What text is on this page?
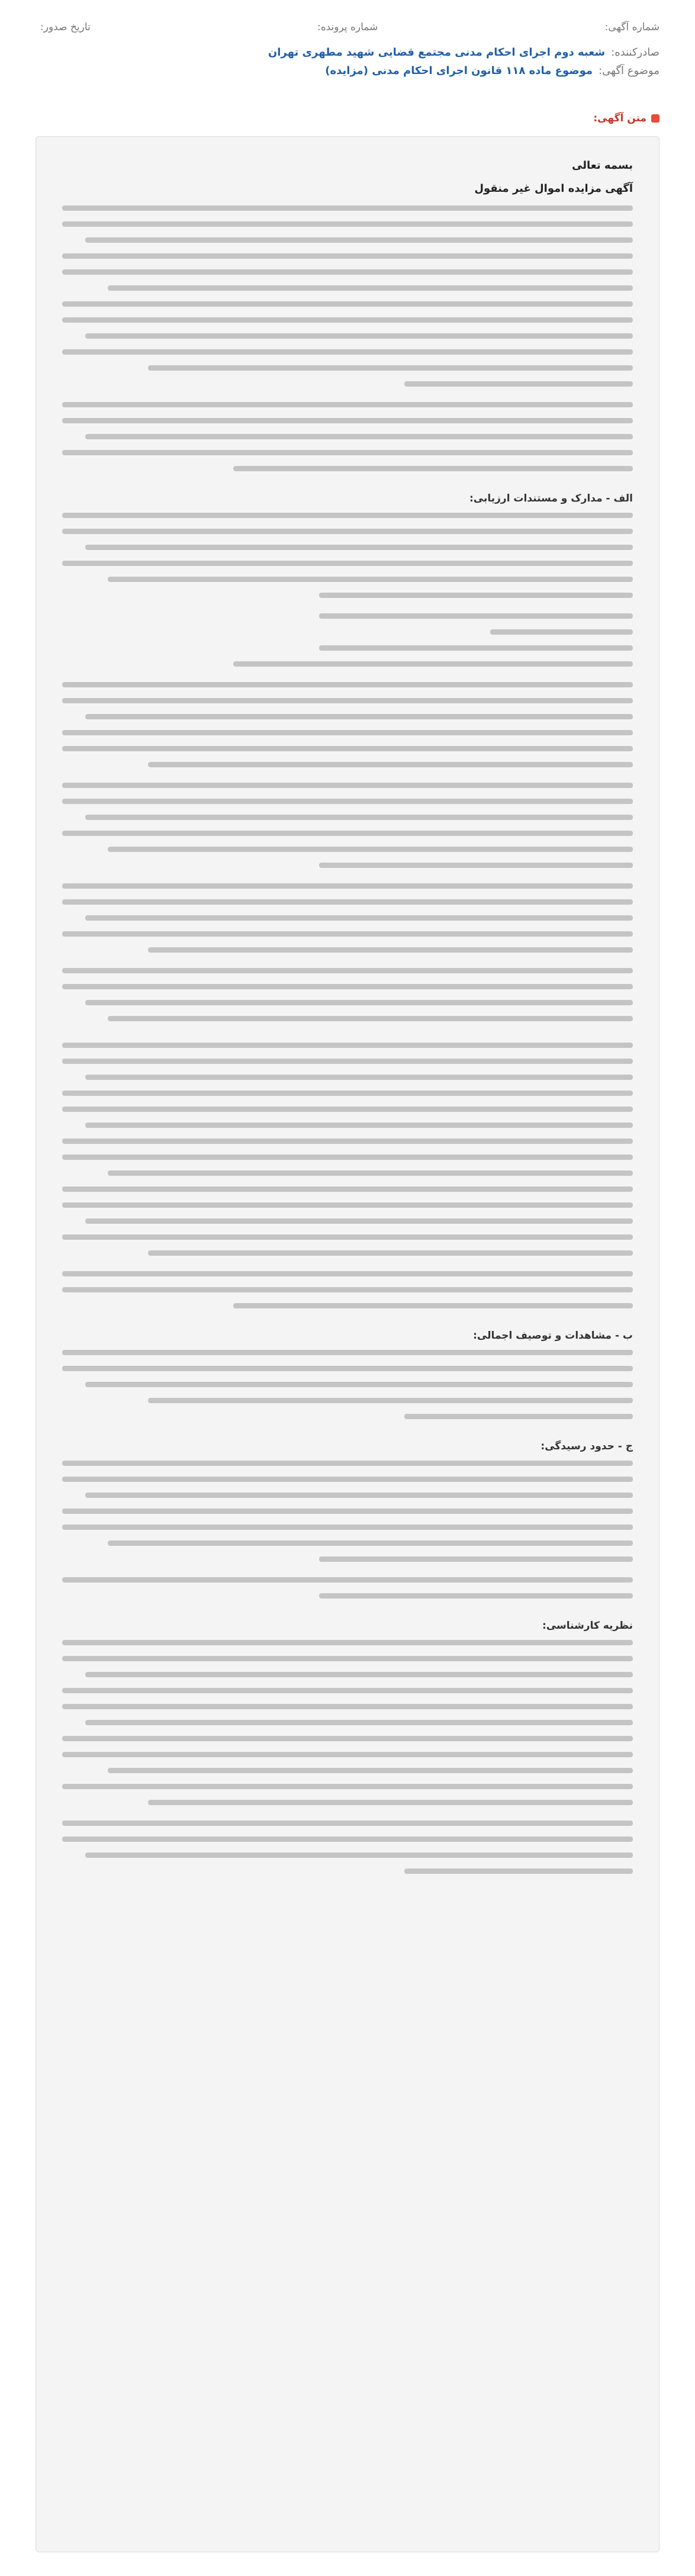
شماره آگهی:
شماره پرونده:
تاریخ صدور:
صادرکننده:
شعبه دوم اجرای احکام مدنی مجتمع قضایی شهید مطهری تهران
موضوع آگهی:
موضوع ماده ۱۱۸ قانون اجرای احکام مدنی (مزایده)
متن آگهی:
بسمه تعالی
آگهی مزایده اموال غیر منقول
الف - مدارک و مستندات ارزیابی:
ب - مشاهدات و توصیف اجمالی:
ج - حدود رسیدگی:
نظریه کارشناسی:
